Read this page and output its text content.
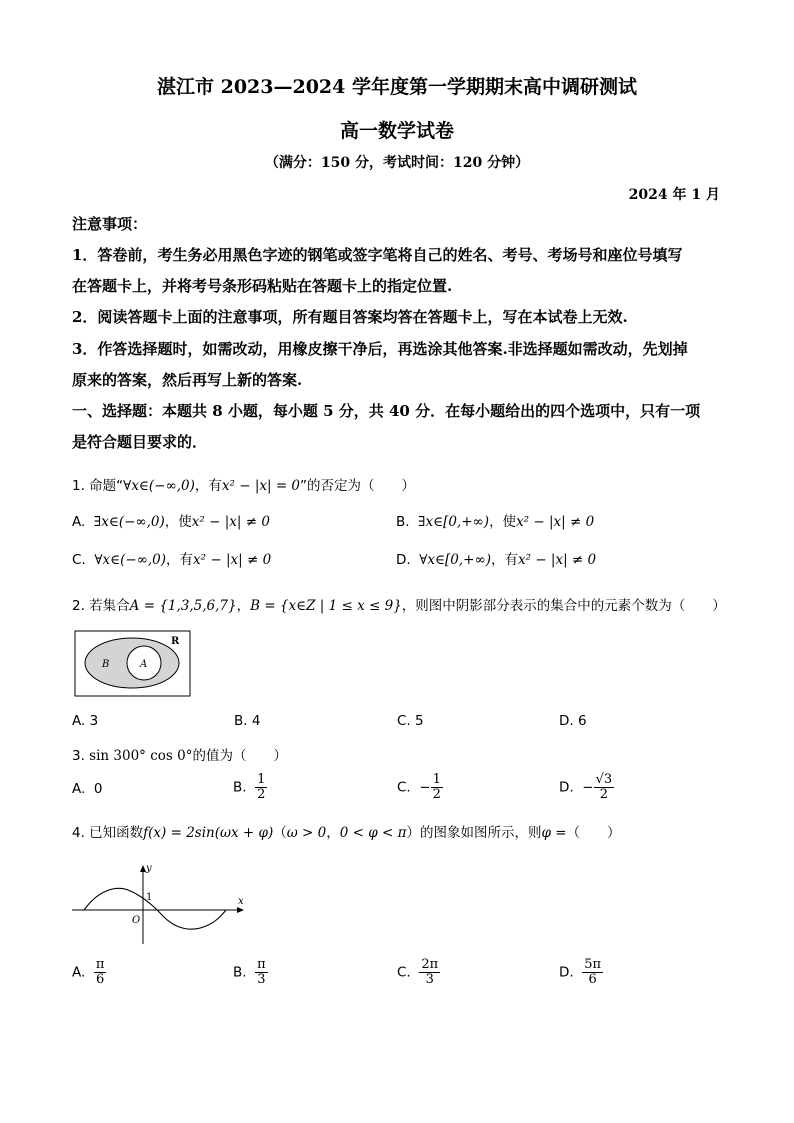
湛江市 2023—2024 学年度第一学期期末高中调研测试
高一数学试卷
（满分：150 分，考试时间：120 分钟）
2024 年 1 月
注意事项：
1．答卷前，考生务必用黑色字迹的钢笔或签字笔将自己的姓名、考号、考场号和座位号填写
在答题卡上，并将考号条形码粘贴在答题卡上的指定位置.
2．阅读答题卡上面的注意事项，所有题目答案均答在答题卡上，写在本试卷上无效.
3．作答选择题时，如需改动，用橡皮擦干净后，再选涂其他答案.非选择题如需改动，先划掉
原来的答案，然后再写上新的答案.
一、选择题：本题共 8 小题，每小题 5 分，共 40 分．在每小题给出的四个选项中，只有一项
是符合题目要求的．
1. 命题“∀x∈(−∞,0)，有x² − |x| = 0”的否定为（　　）
A. ∃x∈(−∞,0)，使x² − |x| ≠ 0	B. ∃x∈[0,+∞)，使x² − |x| ≠ 0
C. ∀x∈(−∞,0)，有x² − |x| ≠ 0	D. ∀x∈[0,+∞)，有x² − |x| ≠ 0
2. 若集合A = {1,3,5,6,7}，B = {x∈Z | 1 ≤ x ≤ 9}，则图中阴影部分表示的集合中的元素个数为（　　）
R
B	A
A. 3	B. 4	C. 5	D. 6
3. sin 300° cos 0°的值为（　　）
A. 0	B. $\frac{1}{2}$	C. − $\frac{1}{2}$	D. − $\frac{√3}{2}$
4. 已知函数f(x) = 2sin(ωx + φ)（ω > 0，0 < φ < π）的图象如图所示，则φ =（　　）
y
x
O
1
A. $\frac{\pi}{6}$	B. $\frac{\pi}{3}$	C. $\frac{2\pi}{3}$	D. $\frac{5\pi}{6}$
